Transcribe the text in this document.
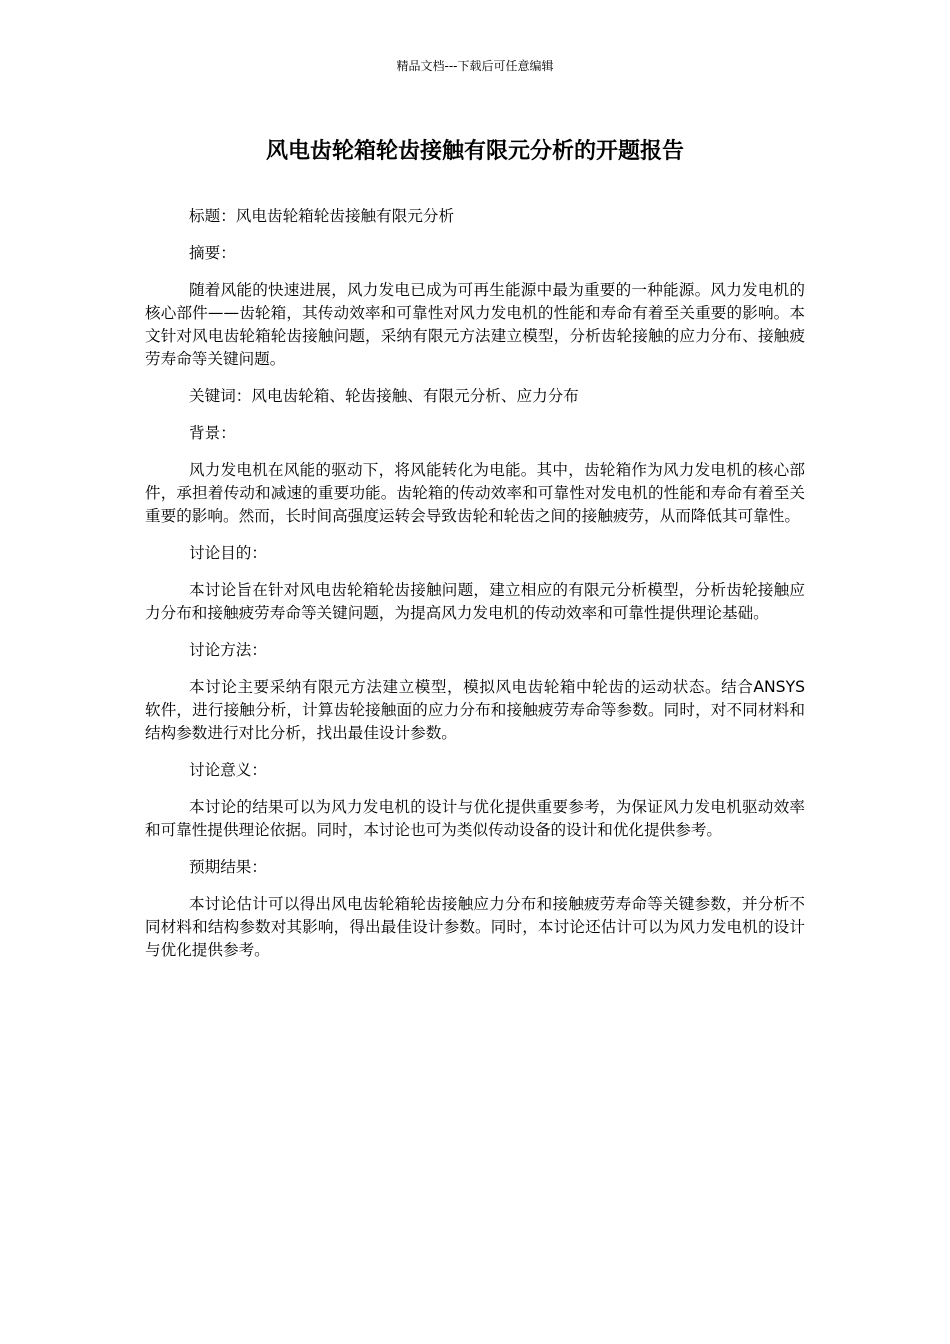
精品文档---下载后可任意编辑
风电齿轮箱轮齿接触有限元分析的开题报告

标题：风电齿轮箱轮齿接触有限元分析

摘要：

随着风能的快速进展，风力发电已成为可再生能源中最为重要的一种能源。风力发电机的核心部件——齿轮箱，其传动效率和可靠性对风力发电机的性能和寿命有着至关重要的影响。本文针对风电齿轮箱轮齿接触问题，采纳有限元方法建立模型，分析齿轮接触的应力分布、接触疲劳寿命等关键问题。

关键词：风电齿轮箱、轮齿接触、有限元分析、应力分布

背景：

风力发电机在风能的驱动下，将风能转化为电能。其中，齿轮箱作为风力发电机的核心部件，承担着传动和减速的重要功能。齿轮箱的传动效率和可靠性对发电机的性能和寿命有着至关重要的影响。然而，长时间高强度运转会导致齿轮和轮齿之间的接触疲劳，从而降低其可靠性。

讨论目的：

本讨论旨在针对风电齿轮箱轮齿接触问题，建立相应的有限元分析模型，分析齿轮接触应力分布和接触疲劳寿命等关键问题，为提高风力发电机的传动效率和可靠性提供理论基础。

讨论方法：

本讨论主要采纳有限元方法建立模型，模拟风电齿轮箱中轮齿的运动状态。结合ANSYS 软件，进行接触分析，计算齿轮接触面的应力分布和接触疲劳寿命等参数。同时，对不同材料和结构参数进行对比分析，找出最佳设计参数。

讨论意义：

本讨论的结果可以为风力发电机的设计与优化提供重要参考，为保证风力发电机驱动效率和可靠性提供理论依据。同时，本讨论也可为类似传动设备的设计和优化提供参考。

预期结果：

本讨论估计可以得出风电齿轮箱轮齿接触应力分布和接触疲劳寿命等关键参数，并分析不同材料和结构参数对其影响，得出最佳设计参数。同时，本讨论还估计可以为风力发电机的设计与优化提供参考。
